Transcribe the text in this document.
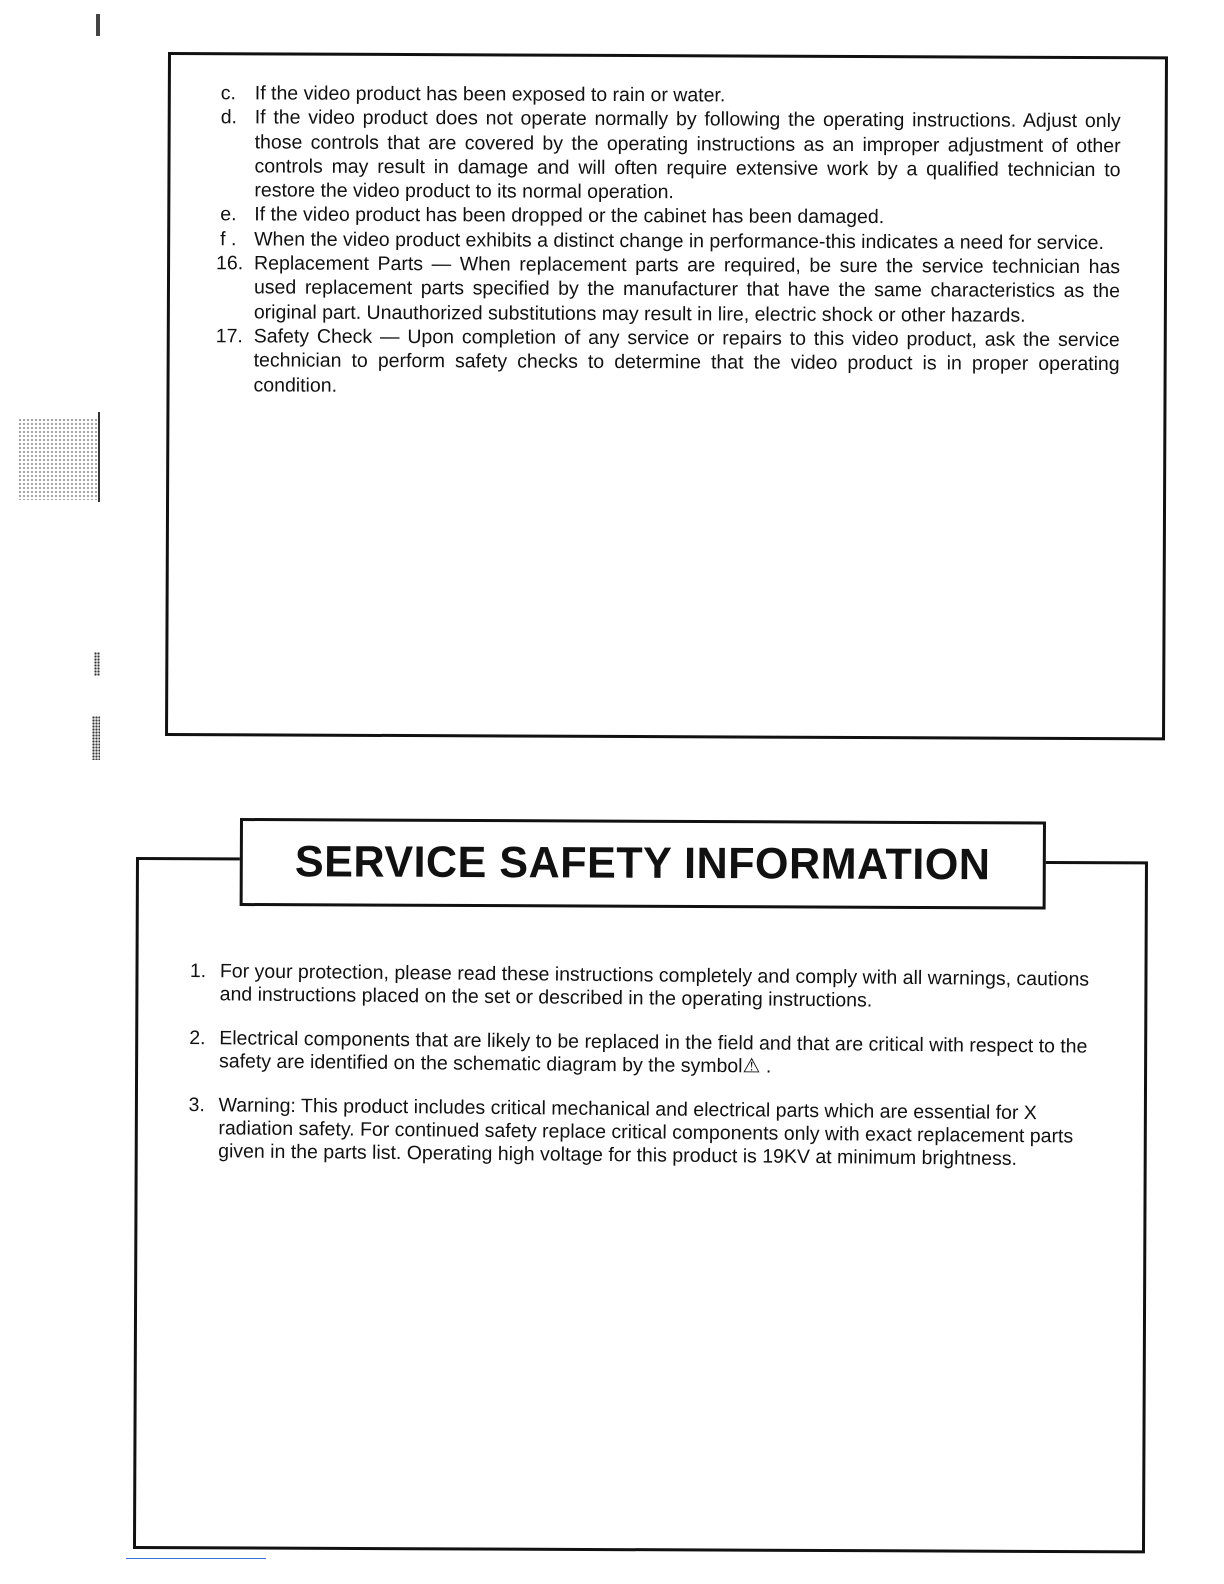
c. If the video product has been exposed to rain or water.
d. If the video product does not operate normally by following the operating instructions. Adjust only those controls that are covered by the operating instructions as an improper adjustment of other controls may result in damage and will often require extensive work by a qualified technician to restore the video product to its normal operation.
e. If the video product has been dropped or the cabinet has been damaged.
f . When the video product exhibits a distinct change in performance-this indicates a need for service.
16. Replacement Parts — When replacement parts are required, be sure the service technician has used replacement parts specified by the manufacturer that have the same characteristics as the original part. Unauthorized substitutions may result in lire, electric shock or other hazards.
17. Safety Check — Upon completion of any service or repairs to this video product, ask the service technician to perform safety checks to determine that the video product is in proper operating condition.
SERVICE SAFETY INFORMATION
1. For your protection, please read these instructions completely and comply with all warnings, cautions and instructions placed on the set or described in the operating instructions.
2. Electrical components that are likely to be replaced in the field and that are critical with respect to the safety are identified on the schematic diagram by the symbol⚠ .
3. Warning: This product includes critical mechanical and electrical parts which are essential for X radiation safety. For continued safety replace critical components only with exact replacement parts given in the parts list. Operating high voltage for this product is 19KV at minimum brightness.
